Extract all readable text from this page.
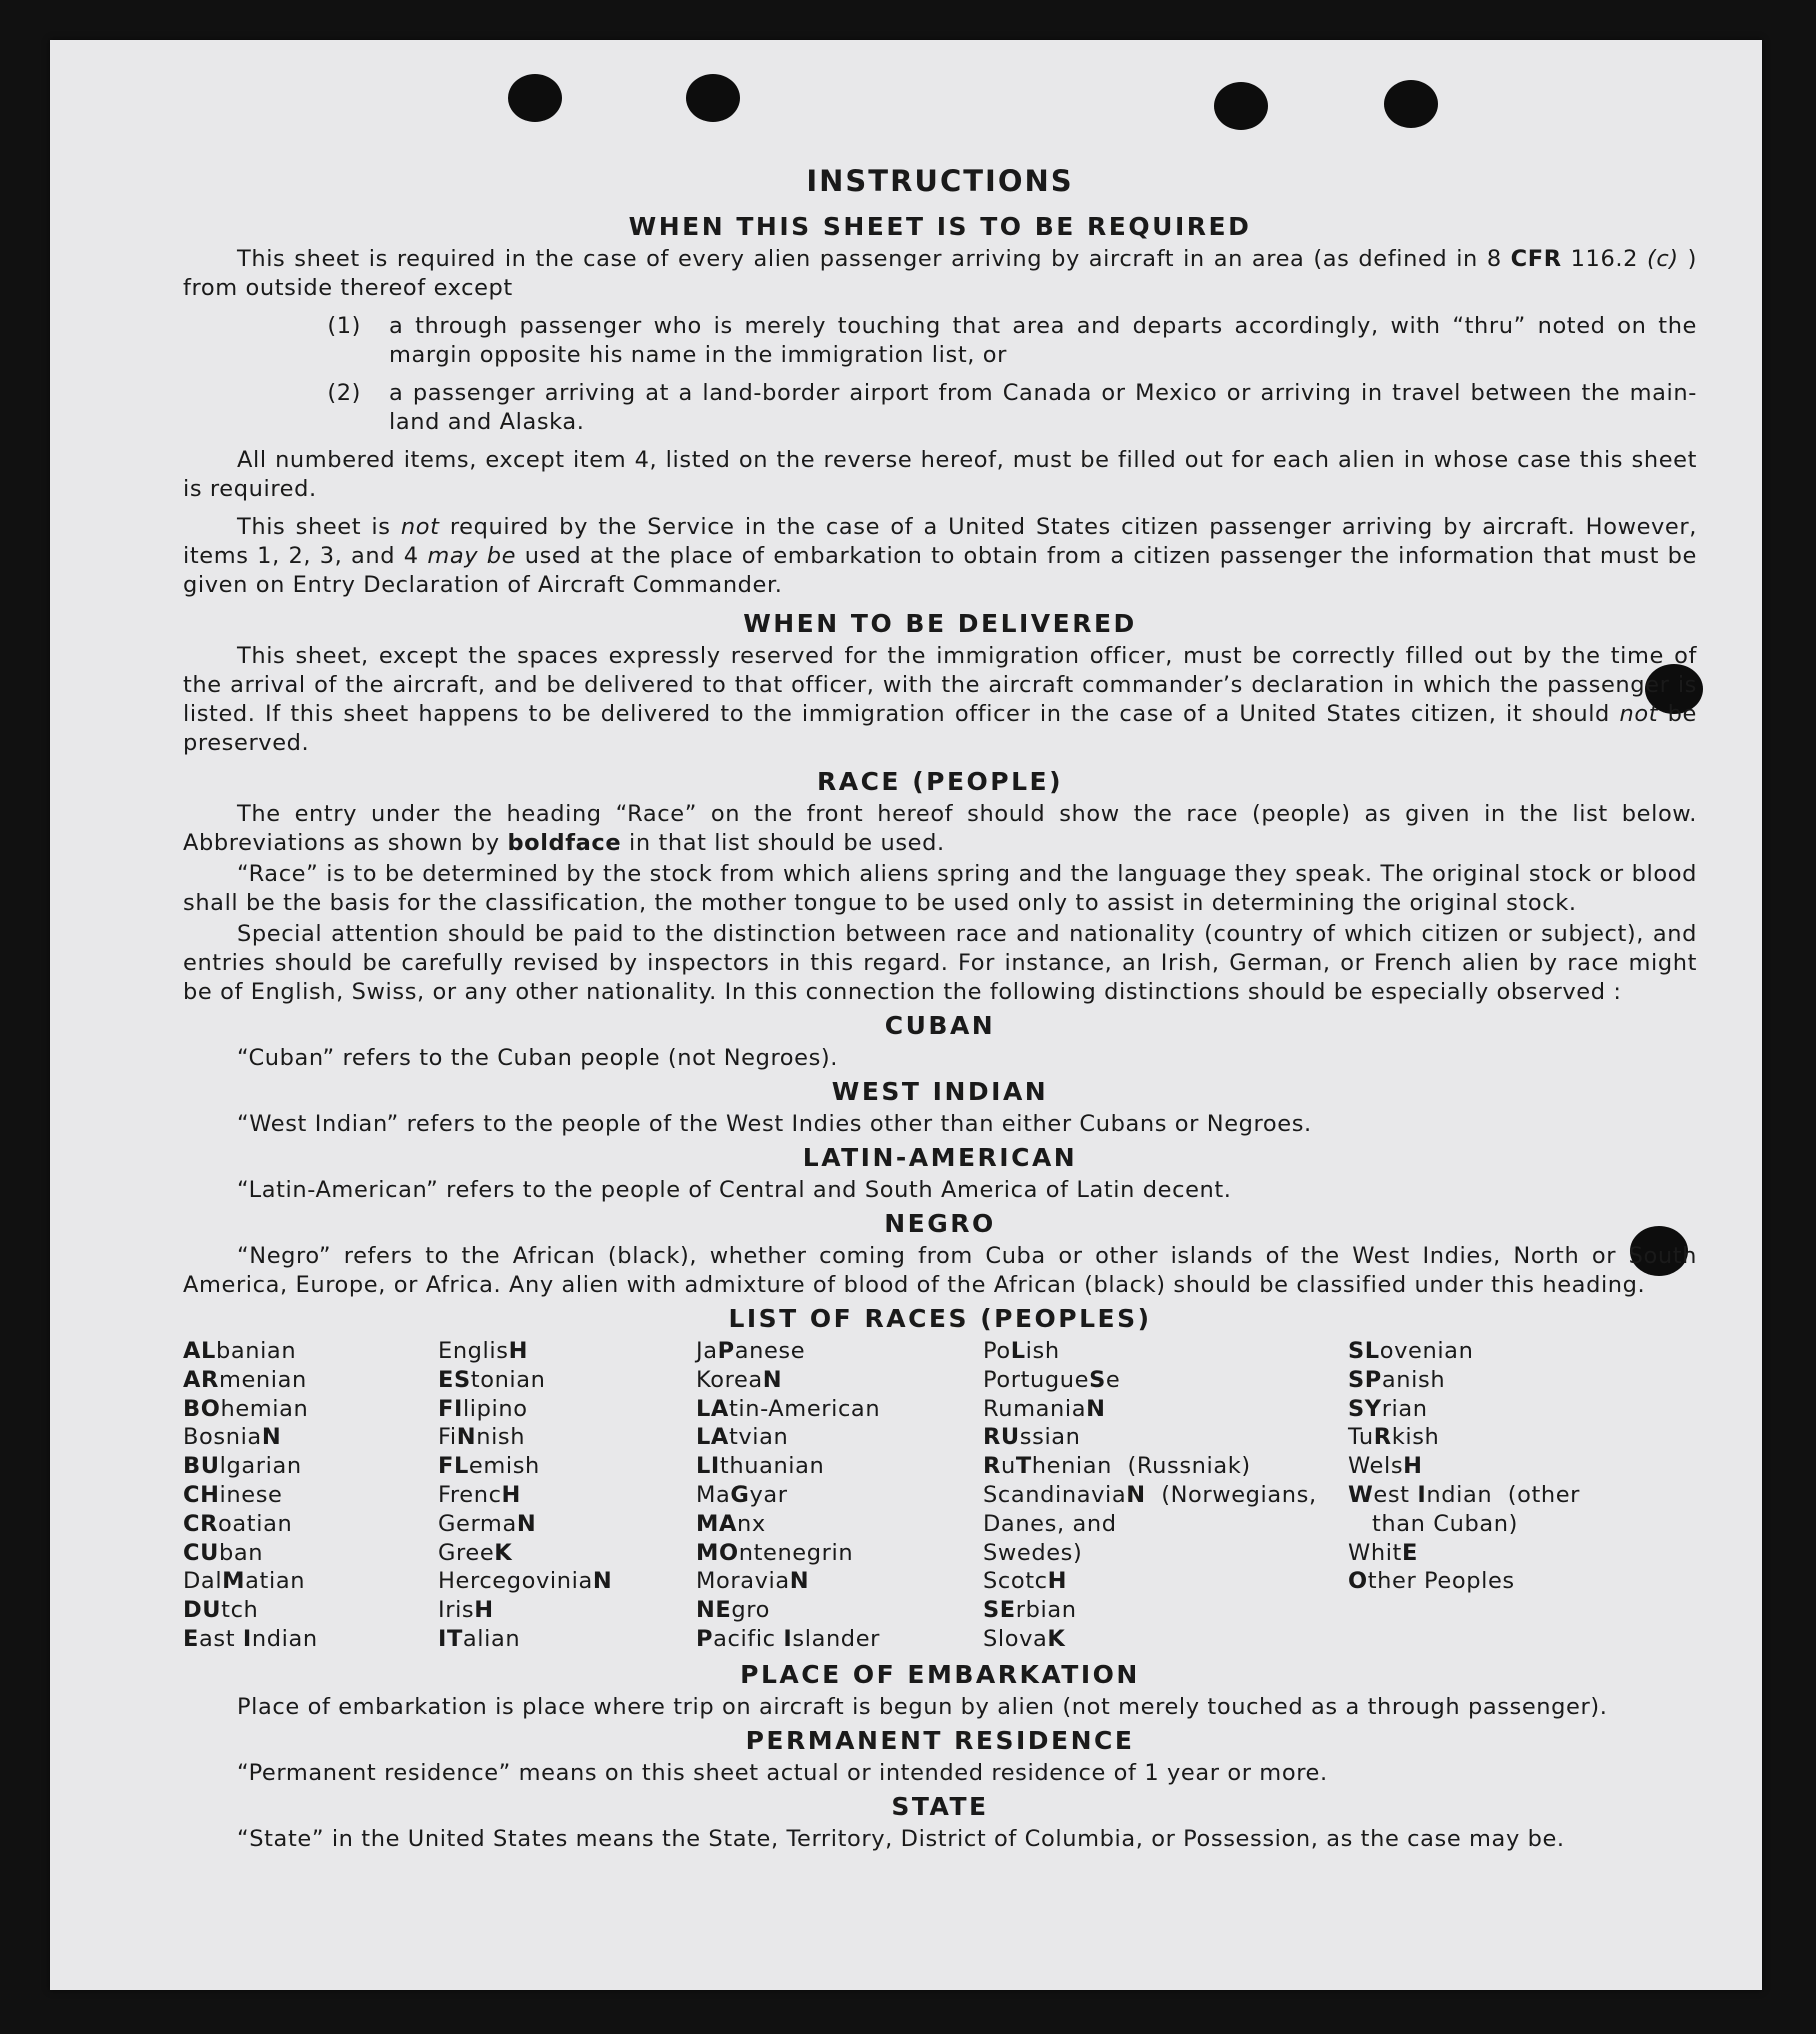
INSTRUCTIONS
WHEN THIS SHEET IS TO BE REQUIRED

This sheet is required in the case of every alien passenger arriving by aircraft in an area (as defined in 8 CFR 116.2 (c) ) from outside thereof except

(1)	a through passenger who is merely touching that area and departs accordingly, with “thru” noted on the margin opposite his name in the immigration list, or
(2)	a passenger arriving at a land-border airport from Canada or Mexico or arriving in travel between the main-land and Alaska.

All numbered items, except item 4, listed on the reverse hereof, must be filled out for each alien in whose case this sheet is required.

This sheet is not required by the Service in the case of a United States citizen passenger arriving by aircraft. However, items 1, 2, 3, and 4 may be used at the place of embarkation to obtain from a citizen passenger the information that must be given on Entry Declaration of Aircraft Commander.

WHEN TO BE DELIVERED

This sheet, except the spaces expressly reserved for the immigration officer, must be correctly filled out by the time of the arrival of the aircraft, and be delivered to that officer, with the aircraft commander’s declaration in which the passenger is listed. If this sheet happens to be delivered to the immigration officer in the case of a United States citizen, it should not be preserved.

RACE (PEOPLE)

The entry under the heading “Race” on the front hereof should show the race (people) as given in the list below. Abbreviations as shown by boldface in that list should be used.

“Race” is to be determined by the stock from which aliens spring and the language they speak. The original stock or blood shall be the basis for the classification, the mother tongue to be used only to assist in determining the original stock.

Special attention should be paid to the distinction between race and nationality (country of which citizen or subject), and entries should be carefully revised by inspectors in this regard. For instance, an Irish, German, or French alien by race might be of English, Swiss, or any other nationality. In this connection the following distinctions should be especially observed :

CUBAN

“Cuban” refers to the Cuban people (not Negroes).

WEST INDIAN

“West Indian” refers to the people of the West Indies other than either Cubans or Negroes.

LATIN-AMERICAN

“Latin-American” refers to the people of Central and South America of Latin decent.

NEGRO

“Negro” refers to the African (black), whether coming from Cuba or other islands of the West Indies, North or South America, Europe, or Africa. Any alien with admixture of blood of the African (black) should be classified under this heading.

LIST OF RACES (PEOPLES)
ALbanian
ARmenian
BOhemian
BosniaN
BUlgarian
CHinese
CRoatian
CUban
DalMatian
DUtch
East Indian
EnglisH
EStonian
FIlipino
FiNnish
FLemish
FrencH
GermaN
GreeK
HercegoviniaN
IrisH
ITalian
JaPanese
KoreaN
LAtin-American
LAtvian
LIthuanian
MaGyar
MAnx
MOntenegrin
MoraviaN
NEgro
Pacific Islander
PoLish
PortugueSe
RumaniaN
RUssian
RuThenian  (Russniak)
ScandinaviaN  (Norwegians,
Danes, and
Swedes)
ScotcH
SErbian
SlovaK
SLovenian
SPanish
SYrian
TuRkish
WelsH
West Indian  (other
than Cuban)
WhitE
Other Peoples
PLACE OF EMBARKATION

Place of embarkation is place where trip on aircraft is begun by alien (not merely touched as a through passenger).

PERMANENT RESIDENCE

“Permanent residence” means on this sheet actual or intended residence of 1 year or more.

STATE

“State” in the United States means the State, Territory, District of Columbia, or Possession, as the case may be.
